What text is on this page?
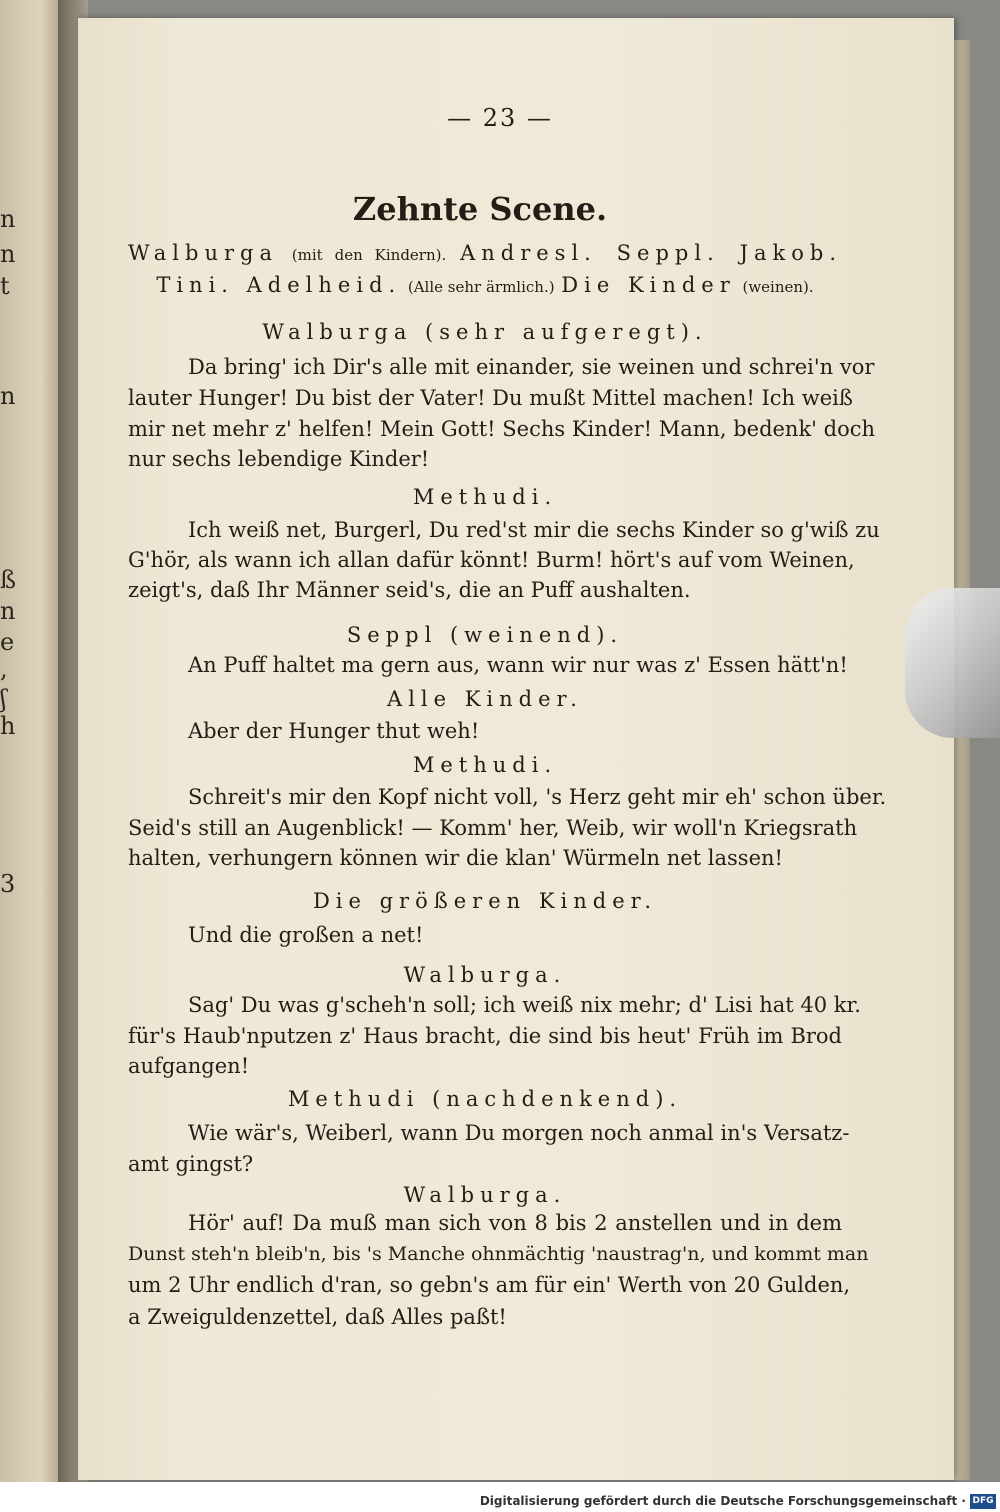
n
n
t
n
ß
n
e
,
ʃ
h
3
— 23 —
Zehnte Scene.
Walburga (mit den Kindern). Andresl. Seppl. Jakob.
Tini. Adelheid. (Alle sehr ärmlich.) Die Kinder (weinen).
Walburga (sehr aufgeregt).
Da bring' ich Dir's alle mit einander, sie weinen und schrei'n vor
lauter Hunger! Du bist der Vater! Du mußt Mittel machen! Ich weiß
mir net mehr z' helfen! Mein Gott! Sechs Kinder! Mann, bedenk' doch
nur sechs lebendige Kinder!
Methudi.
Ich weiß net, Burgerl, Du red'st mir die sechs Kinder so g'wiß zu
G'hör, als wann ich allan dafür könnt! Burm! hört's auf vom Weinen,
zeigt's, daß Ihr Männer seid's, die an Puff aushalten.
Seppl (weinend).
An Puff haltet ma gern aus, wann wir nur was z' Essen hätt'n!
Alle Kinder.
Aber der Hunger thut weh!
Methudi.
Schreit's mir den Kopf nicht voll, 's Herz geht mir eh' schon über.
Seid's still an Augenblick! — Komm' her, Weib, wir woll'n Kriegsrath
halten, verhungern können wir die klan' Würmeln net lassen!
Die größeren Kinder.
Und die großen a net!
Walburga.
Sag' Du was g'scheh'n soll; ich weiß nix mehr; d' Lisi hat 40 kr.
für's Haub'nputzen z' Haus bracht, die sind bis heut' Früh im Brod
aufgangen!
Methudi (nachdenkend).
Wie wär's, Weiberl, wann Du morgen noch anmal in's Versatz-
amt gingst?
Walburga.
Hör' auf! Da muß man sich von 8 bis 2 anstellen und in dem
Dunst steh'n bleib'n, bis 's Manche ohnmächtig 'naustrag'n, und kommt man
um 2 Uhr endlich d'ran, so gebn's am für ein' Werth von 20 Gulden,
a Zweiguldenzettel, daß Alles paßt!
Digitalisierung gefördert durch die Deutsche Forschungsgemeinschaft · DFG
